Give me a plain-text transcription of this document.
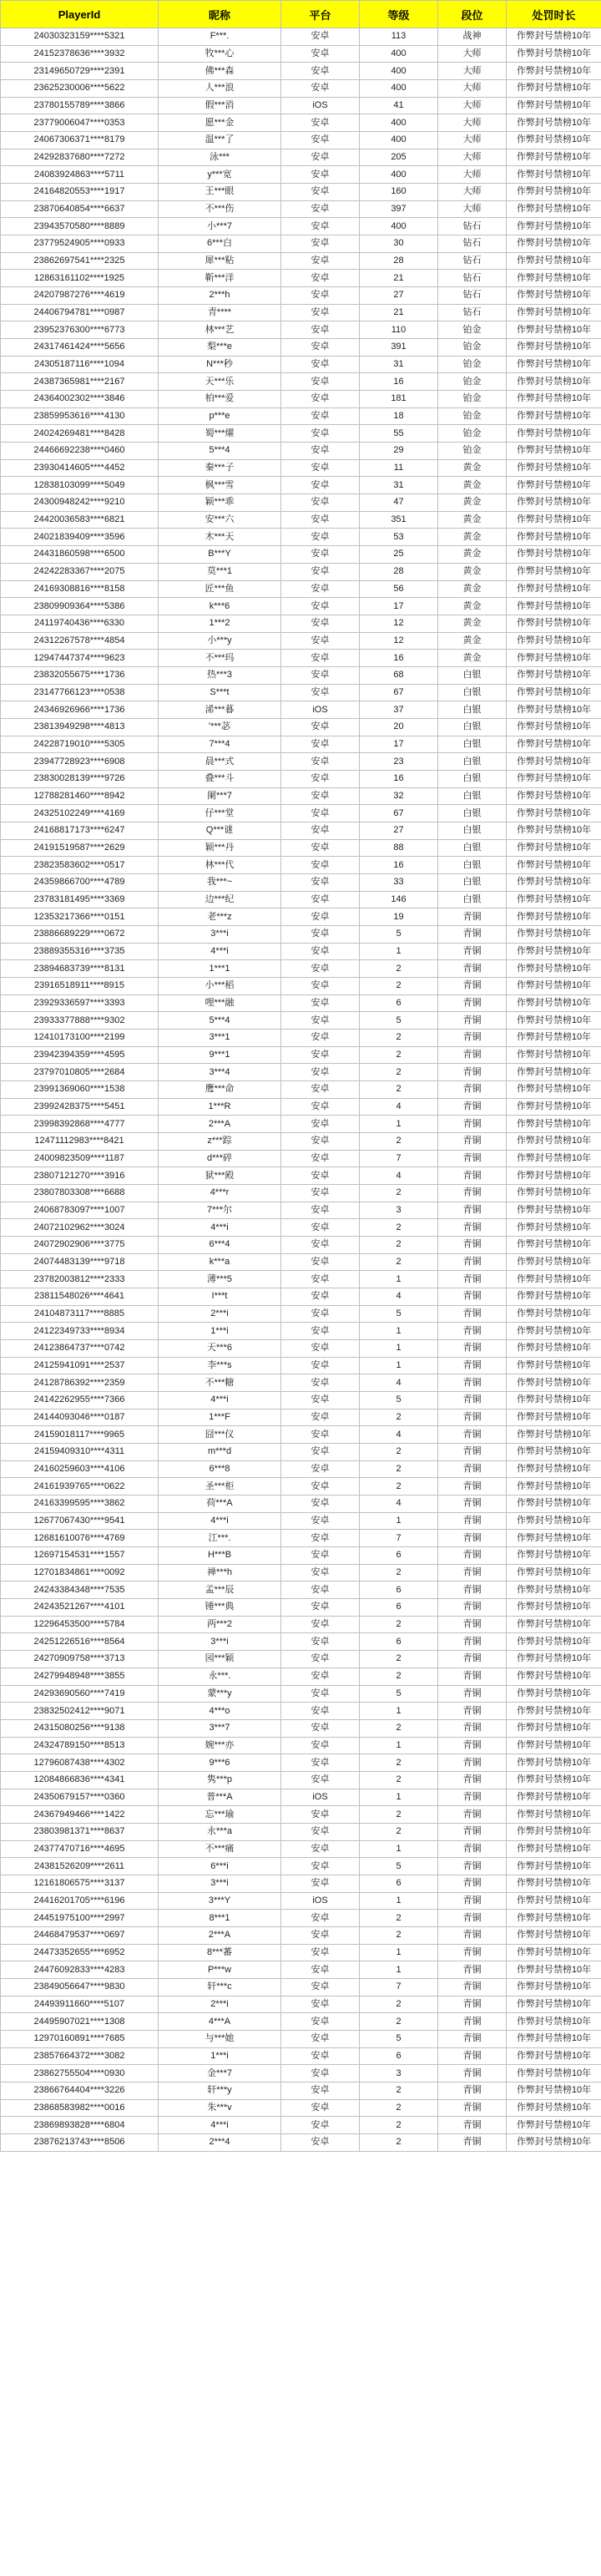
PlayerId	昵称	平台	等级	段位	处罚时长
24030323159****5321	F***.	安卓	113	战神	作弊封号禁榜10年
24152378636****3932	牧***心	安卓	400	大师	作弊封号禁榜10年
23149650729****2391	佛***森	安卓	400	大师	作弊封号禁榜10年
23625230006****5622	人***浪	安卓	400	大师	作弊封号禁榜10年
23780155789****3866	假***消	iOS	41	大师	作弊封号禁榜10年
23779006047****0353	愿***金	安卓	400	大师	作弊封号禁榜10年
24067306371****8179	温***了	安卓	400	大师	作弊封号禁榜10年
24292837680****7272	泳***	安卓	205	大师	作弊封号禁榜10年
24083924863****5711	y***宽	安卓	400	大师	作弊封号禁榜10年
24164820553****1917	王***眼	安卓	160	大师	作弊封号禁榜10年
23870640854****6637	不***伤	安卓	397	大师	作弊封号禁榜10年
23943570580****8889	小***7	安卓	400	钻石	作弊封号禁榜10年
23779524905****0933	6***白	安卓	30	钻石	作弊封号禁榜10年
23862697541****2325	犀***粘	安卓	28	钻石	作弊封号禁榜10年
12863161102****1925	靳***洋	安卓	21	钻石	作弊封号禁榜10年
24207987276****4619	2***h	安卓	27	钻石	作弊封号禁榜10年
24406794781****0987	青****	安卓	21	钻石	作弊封号禁榜10年
23952376300****6773	林***艺	安卓	110	铂金	作弊封号禁榜10年
24317461424****5656	梨***e	安卓	391	铂金	作弊封号禁榜10年
24305187116****1094	N***秒	安卓	31	铂金	作弊封号禁榜10年
24387365981****2167	天***乐	安卓	16	铂金	作弊封号禁榜10年
24364002302****3846	柏***爱	安卓	181	铂金	作弊封号禁榜10年
23859953616****4130	p***e	安卓	18	铂金	作弊封号禁榜10年
24024269481****8428	蜀***燿	安卓	55	铂金	作弊封号禁榜10年
24466692238****0460	5***4	安卓	29	铂金	作弊封号禁榜10年
23930414605****4452	秦***子	安卓	11	黄金	作弊封号禁榜10年
12838103099****5049	枫***雪	安卓	31	黄金	作弊封号禁榜10年
24300948242****9210	颖***乖	安卓	47	黄金	作弊封号禁榜10年
24420036583****6821	安***六	安卓	351	黄金	作弊封号禁榜10年
24021839409****3596	木***天	安卓	53	黄金	作弊封号禁榜10年
24431860598****6500	B***Y	安卓	25	黄金	作弊封号禁榜10年
24242283367****2075	莫***1	安卓	28	黄金	作弊封号禁榜10年
24169308816****8158	匠***鱼	安卓	56	黄金	作弊封号禁榜10年
23809909364****5386	k***6	安卓	17	黄金	作弊封号禁榜10年
24119740436****6330	1***2	安卓	12	黄金	作弊封号禁榜10年
24312267578****4854	小***y	安卓	12	黄金	作弊封号禁榜10年
12947447374****9623	不***玛	安卓	16	黄金	作弊封号禁榜10年
23832055675****1736	热***3	安卓	68	白银	作弊封号禁榜10年
23147766123****0538	S***t	安卓	67	白银	作弊封号禁榜10年
24346926966****1736	浠***暮	iOS	37	白银	作弊封号禁榜10年
23813949298****4813	'***苾	安卓	20	白银	作弊封号禁榜10年
24228719010****5305	7***4	安卓	17	白银	作弊封号禁榜10年
23947728923****6908	晨***式	安卓	23	白银	作弊封号禁榜10年
23830028139****9726	叠***斗	安卓	16	白银	作弊封号禁榜10年
12788281460****8942	阑***7	安卓	32	白银	作弊封号禁榜10年
24325102249****4169	仔***堂	安卓	67	白银	作弊封号禁榜10年
24168817173****6247	Q***谜	安卓	27	白银	作弊封号禁榜10年
24191519587****2629	颖***丹	安卓	88	白银	作弊封号禁榜10年
23823583602****0517	林***代	安卓	16	白银	作弊封号禁榜10年
24359866700****4789	我***~	安卓	33	白银	作弊封号禁榜10年
23783181495****3369	边***纪	安卓	146	白银	作弊封号禁榜10年
12353217366****0151	老***z	安卓	19	青铜	作弊封号禁榜10年
23886689229****0672	3***i	安卓	5	青铜	作弊封号禁榜10年
23889355316****3735	4***i	安卓	1	青铜	作弊封号禁榜10年
23894683739****8131	1***1	安卓	2	青铜	作弊封号禁榜10年
23916518911****8915	小***稻	安卓	2	青铜	作弊封号禁榜10年
23929336597****3393	哩***融	安卓	6	青铜	作弊封号禁榜10年
23933377888****9302	5***4	安卓	5	青铜	作弊封号禁榜10年
12410173100****2199	3***1	安卓	2	青铜	作弊封号禁榜10年
23942394359****4595	9***1	安卓	2	青铜	作弊封号禁榜10年
23797010805****2684	3***4	安卓	2	青铜	作弊封号禁榜10年
23991369060****1538	鹰***命	安卓	2	青铜	作弊封号禁榜10年
23992428375****5451	1***R	安卓	4	青铜	作弊封号禁榜10年
23998392868****4777	2***A	安卓	1	青铜	作弊封号禁榜10年
12471112983****8421	z***踪	安卓	2	青铜	作弊封号禁榜10年
24009823509****1187	d***碎	安卓	7	青铜	作弊封号禁榜10年
23807121270****3916	狱***殿	安卓	4	青铜	作弊封号禁榜10年
23807803308****6688	4***r	安卓	2	青铜	作弊封号禁榜10年
24068783097****1007	7***尔	安卓	3	青铜	作弊封号禁榜10年
24072102962****3024	4***i	安卓	2	青铜	作弊封号禁榜10年
24072902906****3775	6***4	安卓	2	青铜	作弊封号禁榜10年
24074483139****9718	k***a	安卓	2	青铜	作弊封号禁榜10年
23782003812****2333	薄***5	安卓	1	青铜	作弊封号禁榜10年
23811548026****4641	I***t	安卓	4	青铜	作弊封号禁榜10年
24104873117****8885	2***i	安卓	5	青铜	作弊封号禁榜10年
24122349733****8934	1***i	安卓	1	青铜	作弊封号禁榜10年
24123864737****0742	天***6	安卓	1	青铜	作弊封号禁榜10年
24125941091****2537	李***s	安卓	1	青铜	作弊封号禁榜10年
24128786392****2359	不***糖	安卓	4	青铜	作弊封号禁榜10年
24142262955****7366	4***i	安卓	5	青铜	作弊封号禁榜10年
24144093046****0187	1***F	安卓	2	青铜	作弊封号禁榜10年
24159018117****9965	囧***仪	安卓	4	青铜	作弊封号禁榜10年
24159409310****4311	m***d	安卓	2	青铜	作弊封号禁榜10年
24160259603****4106	6***8	安卓	2	青铜	作弊封号禁榜10年
24161939765****0622	圣***柜	安卓	2	青铜	作弊封号禁榜10年
24163399595****3862	荷***A	安卓	4	青铜	作弊封号禁榜10年
12677067430****9541	4***i	安卓	1	青铜	作弊封号禁榜10年
12681610076****4769	江***.	安卓	7	青铜	作弊封号禁榜10年
12697154531****1557	H***B	安卓	6	青铜	作弊封号禁榜10年
12701834861****0092	禅***h	安卓	2	青铜	作弊封号禁榜10年
24243384348****7535	孟***辰	安卓	6	青铜	作弊封号禁榜10年
24243521267****4101	锤***典	安卓	6	青铜	作弊封号禁榜10年
12296453500****5784	两***2	安卓	2	青铜	作弊封号禁榜10年
24251226516****8564	3***i	安卓	6	青铜	作弊封号禁榜10年
24270909758****3713	园***颖	安卓	2	青铜	作弊封号禁榜10年
24279948948****3855	永***.	安卓	2	青铜	作弊封号禁榜10年
24293690560****7419	蒙***y	安卓	5	青铜	作弊封号禁榜10年
23832502412****9071	4***o	安卓	1	青铜	作弊封号禁榜10年
24315080256****9138	3***7	安卓	2	青铜	作弊封号禁榜10年
24324789150****8513	婉***亦	安卓	1	青铜	作弊封号禁榜10年
12796087438****4302	9***6	安卓	2	青铜	作弊封号禁榜10年
12084866836****4341	隽***p	安卓	2	青铜	作弊封号禁榜10年
24350679157****0360	普***A	iOS	1	青铜	作弊封号禁榜10年
24367949466****1422	忘***瑜	安卓	2	青铜	作弊封号禁榜10年
23803981371****8637	永***a	安卓	2	青铜	作弊封号禁榜10年
24377470716****4695	不***痛	安卓	1	青铜	作弊封号禁榜10年
24381526209****2611	6***i	安卓	5	青铜	作弊封号禁榜10年
12161806575****3137	3***i	安卓	6	青铜	作弊封号禁榜10年
24416201705****6196	3***Y	iOS	1	青铜	作弊封号禁榜10年
24451975100****2997	8***1	安卓	2	青铜	作弊封号禁榜10年
24468479537****0697	2***A	安卓	2	青铜	作弊封号禁榜10年
24473352655****6952	8***蕃	安卓	1	青铜	作弊封号禁榜10年
24476092833****4283	P***w	安卓	1	青铜	作弊封号禁榜10年
23849056647****9830	轩***c	安卓	7	青铜	作弊封号禁榜10年
24493911660****5107	2***i	安卓	2	青铜	作弊封号禁榜10年
24495907021****1308	4***A	安卓	2	青铜	作弊封号禁榜10年
12970160891****7685	与***她	安卓	5	青铜	作弊封号禁榜10年
23857664372****3082	1***i	安卓	6	青铜	作弊封号禁榜10年
23862755504****0930	金***7	安卓	3	青铜	作弊封号禁榜10年
23866764404****3226	轩***y	安卓	2	青铜	作弊封号禁榜10年
23868583982****0016	朱***v	安卓	2	青铜	作弊封号禁榜10年
23869893828****6804	4***i	安卓	2	青铜	作弊封号禁榜10年
23876213743****8506	2***4	安卓	2	青铜	作弊封号禁榜10年
